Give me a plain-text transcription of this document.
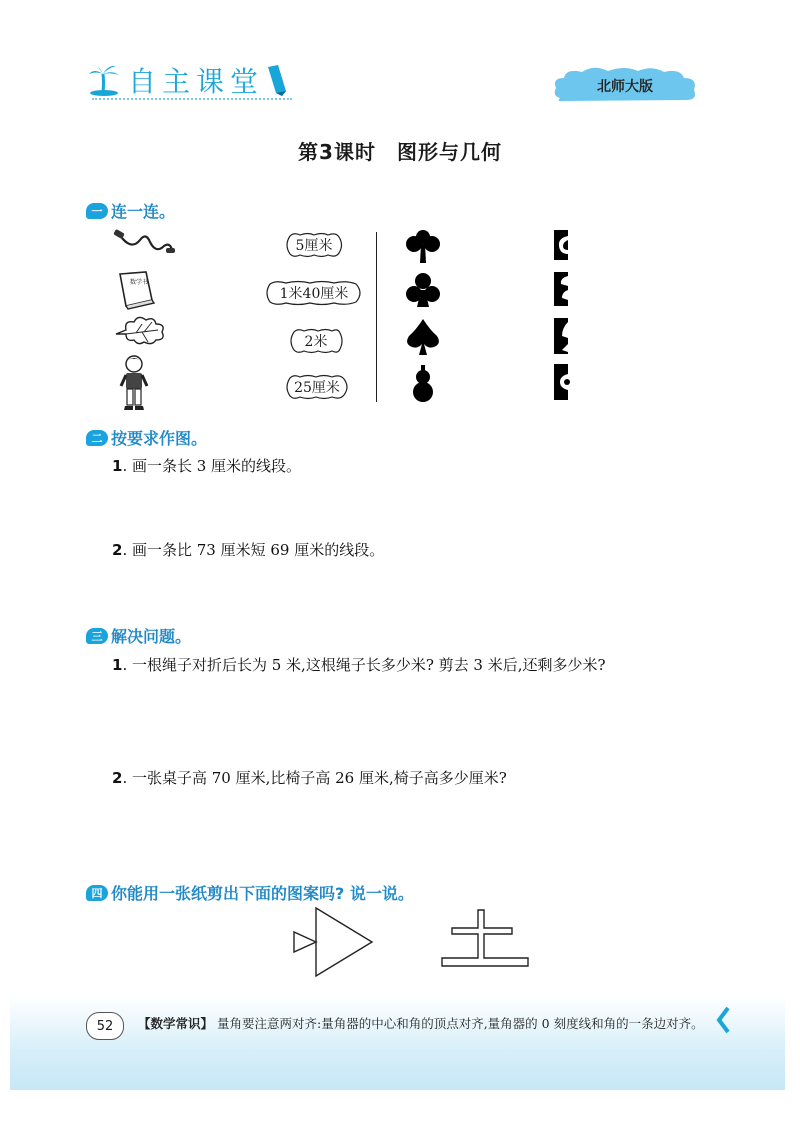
自主课堂	北师大版
第3课时　图形与几何
一 连一连。
数学书
5厘米
1米40厘米
2米
25厘米
二 按要求作图。
1. 画一条长 3 厘米的线段。
2. 画一条比 73 厘米短 69 厘米的线段。
三 解决问题。
1. 一根绳子对折后长为 5 米,这根绳子长多少米? 剪去 3 米后,还剩多少米?
2. 一张桌子高 70 厘米,比椅子高 26 厘米,椅子高多少厘米?
四 你能用一张纸剪出下面的图案吗? 说一说。
52	【数学常识】 量角要注意两对齐:量角器的中心和角的顶点对齐,量角器的 0 刻度线和角的一条边对齐。
